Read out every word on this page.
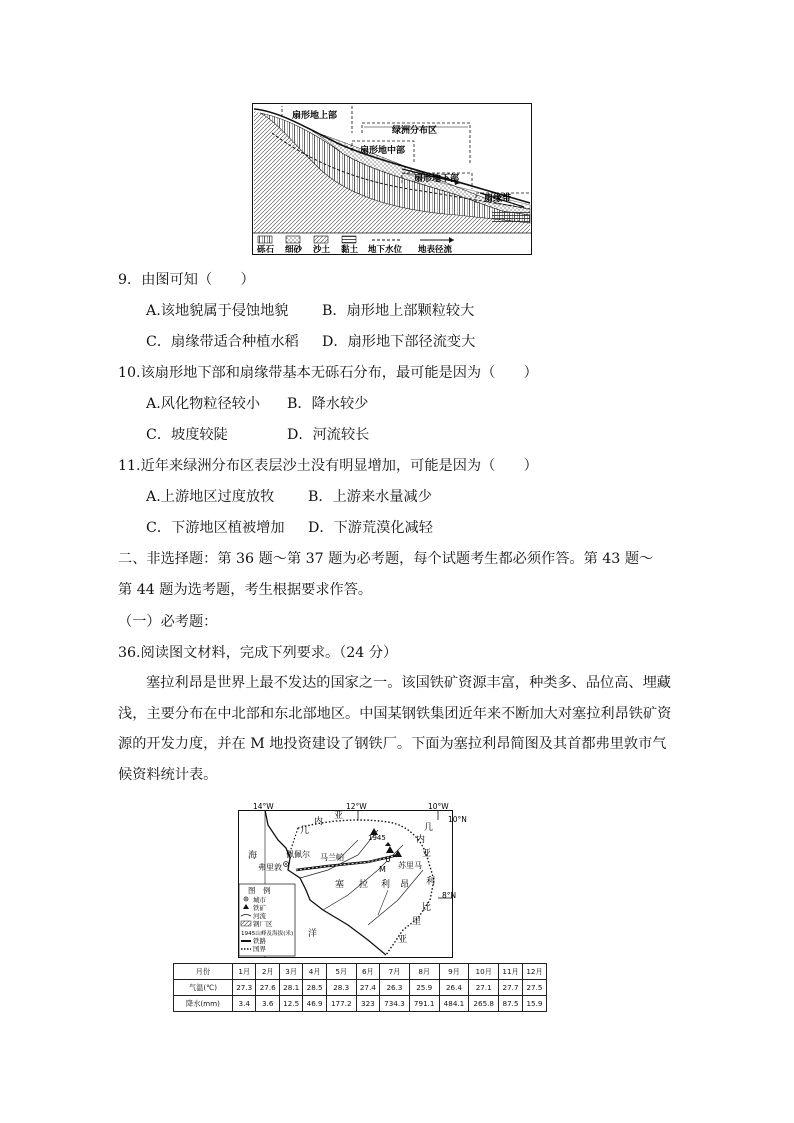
扇形地上部
绿洲分布区
扇形地中部
扇形地下部
扇缘带
砾石 细砂 沙土 黏土 地下水位 地表径流
9．由图可知（　　）
A.该地貌属于侵蚀地貌 B．扇形地上部颗粒较大
C．扇缘带适合种植水稻 D．扇形地下部径流变大
10.该扇形地下部和扇缘带基本无砾石分布，最可能是因为（　　）
A.风化物粒径较小 B．降水较少
C．坡度较陡	D．河流较长
11.近年来绿洲分布区表层沙土没有明显增加，可能是因为（　　）
A.上游地区过度放牧 B．上游来水量减少
C．下游地区植被增加 D．下游荒漠化减轻
二、非选择题：第 36 题～第 37 题为必考题，每个试题考生都必须作答。第 43 题～
第 44 题为选考题，考生根据要求作答。
（一）必考题：
36.阅读图文材料，完成下列要求。（24 分）
塞拉利昂是世界上最不发达的国家之一。该国铁矿资源丰富，种类多、品位高、埋藏浅，主要分布在中北部和东北部地区。中国某钢铁集团近年来不断加大对塞拉利昂铁矿资源的开发力度，并在 M 地投资建设了钢铁厂。下面为塞拉利昂简图及其首都弗里敦市气候资料统计表。
14°W	12°W	10°W
10°N
8°N
几
内
亚
几
内
亚
塞 拉 利 昂 利
比
里
亚
海
洋
佩佩尔
弗里敦
马兰帕
1945
M 苏里马
图　例
城市
铁矿
河流
钢厂区
1945山峰及海拔(米)
铁路
国界
月份	1月	2月	3月	4月	5月	6月	7月	8月	9月	10月	11月	12月
气温(℃)	27.3	27.6	28.1	28.5	28.3	27.4	26.3	25.9	26.4	27.1	27.7	27.5
降水(mm)	3.4	3.6	12.5	46.9	177.2	323	734.3	791.1	484.1	265.8	87.5	15.9
